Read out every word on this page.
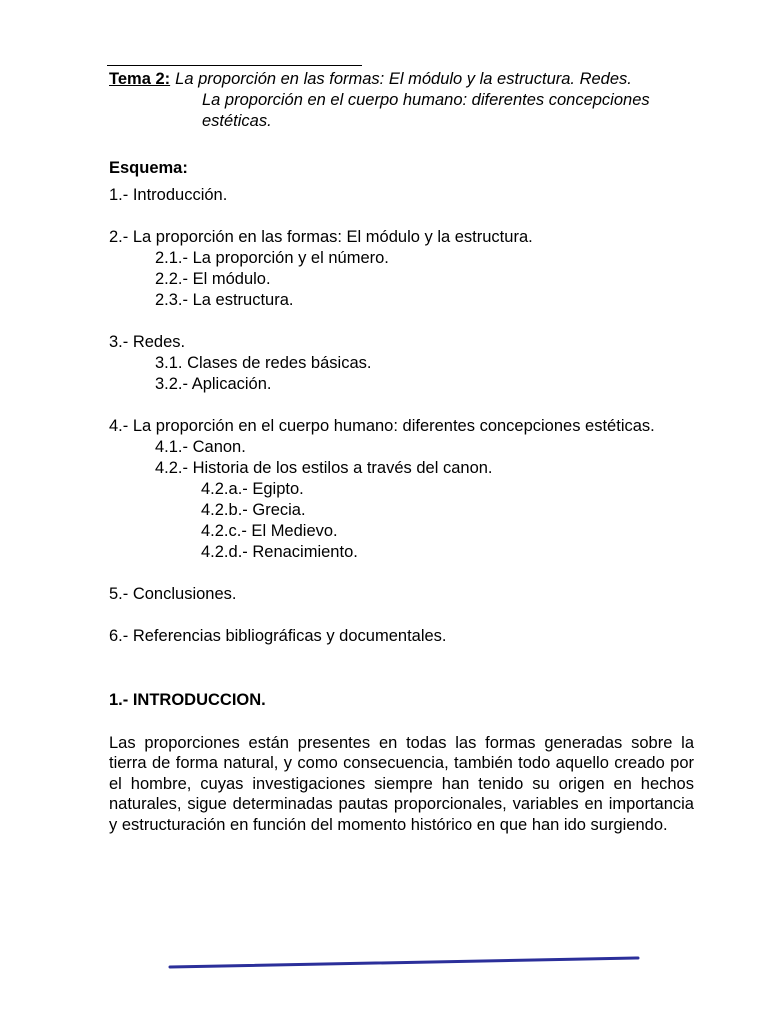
Tema 2: La proporción en las formas: El módulo y la estructura. Redes.
La proporción en el cuerpo humano: diferentes concepciones
estéticas.
Esquema:
1.- Introducción.
2.- La proporción en las formas: El módulo y la estructura.
2.1.- La proporción y el número.
2.2.- El módulo.
2.3.- La estructura.
3.- Redes.
3.1. Clases de redes básicas.
3.2.- Aplicación.
4.- La proporción en el cuerpo humano: diferentes concepciones estéticas.
4.1.- Canon.
4.2.- Historia de los estilos a través del canon.
4.2.a.- Egipto.
4.2.b.- Grecia.
4.2.c.- El Medievo.
4.2.d.- Renacimiento.
5.- Conclusiones.
6.- Referencias bibliográficas y documentales.
1.- INTRODUCCION.
Las proporciones están presentes en todas las formas generadas sobre la tierra de forma natural, y como consecuencia, también todo aquello creado por el hombre, cuyas investigaciones siempre han tenido su origen en hechos naturales, sigue determinadas pautas proporcionales, variables en importancia y estructuración en función del momento histórico en que han ido surgiendo.
